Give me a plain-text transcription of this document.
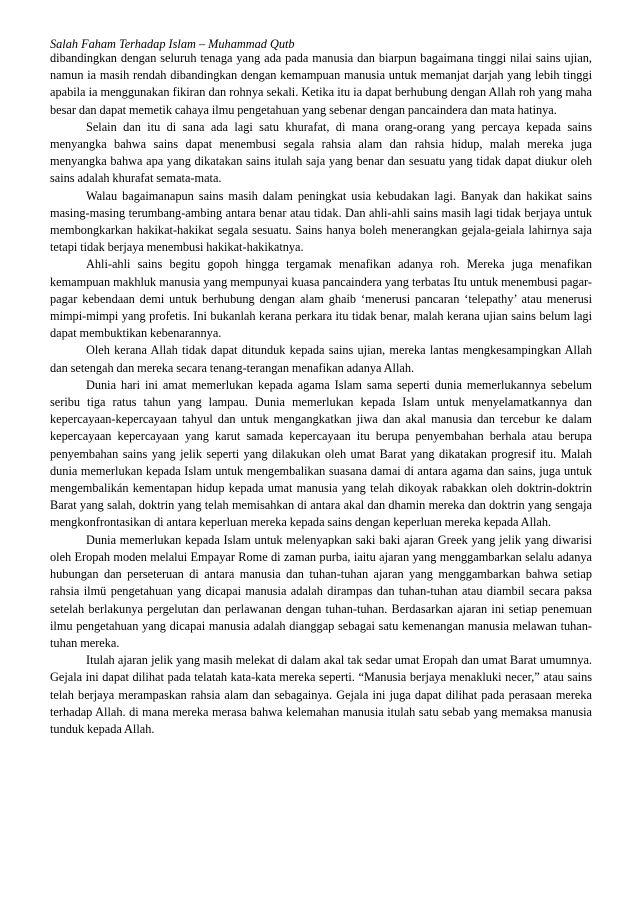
Salah Faham Terhadap Islam – Muhammad Qutb

dibandingkan dengan seluruh tenaga yang ada pada manusia dan biarpun bagaimana tinggi nilai sains ujian, namun ia masih rendah dibandingkan dengan kemampuan manusia untuk memanjat darjah yang lebih tinggi apabila ia menggunakan fikiran dan rohnya sekali. Ketika itu ia dapat berhubung dengan Allah roh yang maha besar dan dapat memetik cahaya ilmu pengetahuan yang sebenar dengan pancaindera dan mata hatinya.

Selain dan itu di sana ada lagi satu khurafat, di mana orang-orang yang percaya kepada sains menyangka bahwa sains dapat menembusi segala rahsia alam dan rahsia hidup, malah mereka juga menyangka bahwa apa yang dikatakan sains itulah saja yang benar dan sesuatu yang tidak dapat diukur oleh sains adalah khurafat semata-mata.

Walau bagaimanapun sains masih dalam peningkat usia kebudakan lagi. Banyak dan hakikat sains masing-masing terumbang-ambing antara benar atau tidak. Dan ahli-ahli sains masih lagi tidak berjaya untuk membongkarkan hakikat-hakikat segala sesuatu. Sains hanya boleh menerangkan gejala-geiala lahirnya saja tetapi tidak berjaya menembusi hakikat-hakikatnya.

Ahli-ahli sains begitu gopoh hingga tergamak menafikan adanya roh. Mereka juga menafikan kemampuan makhluk manusia yang mempunyai kuasa pancaindera yang terbatas Itu untuk menembusi pagar-pagar kebendaan demi untuk berhubung dengan alam ghaib ‘menerusi pancaran ‘telepathy’ atau menerusi mimpi-mimpi yang profetis. Ini bukanlah kerana perkara itu tidak benar, malah kerana ujian sains belum lagi dapat membuktikan kebenarannya.

Oleh kerana Allah tidak dapat ditunduk kepada sains ujian, mereka lantas mengkesampingkan Allah dan setengah dan mereka secara tenang-terangan menafikan adanya Allah.

Dunia hari ini amat memerlukan kepada agama Islam sama seperti dunia memerlukannya sebelum seribu tiga ratus tahun yang lampau. Dunia memerlukan kepada Islam untuk menyelamatkannya dan kepercayaan-kepercayaan tahyul dan untuk mengangkatkan jiwa dan akal manusia dan tercebur ke dalam kepercayaan kepercayaan yang karut samada kepercayaan itu berupa penyembahan berhala atau berupa penyembahan sains yang jelik seperti yang dilakukan oleh umat Barat yang dikatakan progresif itu. Malah dunia memerlukan kepada Islam untuk mengembalikan suasana damai di antara agama dan sains, juga untuk mengembalikán kementapan hidup kepada umat manusia yang telah dikoyak rabakkan oleh doktrin-doktrin Barat yang salah, doktrin yang telah memisahkan di antara akal dan dhamin mereka dan doktrin yang sengaja mengkonfrontasikan di antara keperluan mereka kepada sains dengan keperluan mereka kepada Allah.

Dunia memerlukan kepada Islam untuk melenyapkan saki baki ajaran Greek yang jelik yang diwarisi oleh Eropah moden melalui Empayar Rome di zaman purba, iaitu ajaran yang menggambarkan selalu adanya hubungan dan perseteruan di antara manusia dan tuhan-tuhan ajaran yang menggambarkan bahwa setiap rahsia ilmü pengetahuan yang dicapai manusia adalah dirampas dan tuhan-tuhan atau diambil secara paksa setelah berlakunya pergelutan dan perlawanan dengan tuhan-tuhan. Berdasarkan ajaran ini setiap penemuan ilmu pengetahuan yang dicapai manusia adalah dianggap sebagai satu kemenangan manusia melawan tuhan-tuhan mereka.

Itulah ajaran jelik yang masih melekat di dalam akal tak sedar umat Eropah dan umat Barat umumnya. Gejala ini dapat dilihat pada telatah kata-kata mereka seperti. “Manusia berjaya menakluki necer,” atau sains telah berjaya merampaskan rahsia alam dan sebagainya. Gejala ini juga dapat dilihat pada perasaan mereka terhadap Allah. di mana mereka merasa bahwa kelemahan manusia itulah satu sebab yang memaksa manusia tunduk kepada Allah.
